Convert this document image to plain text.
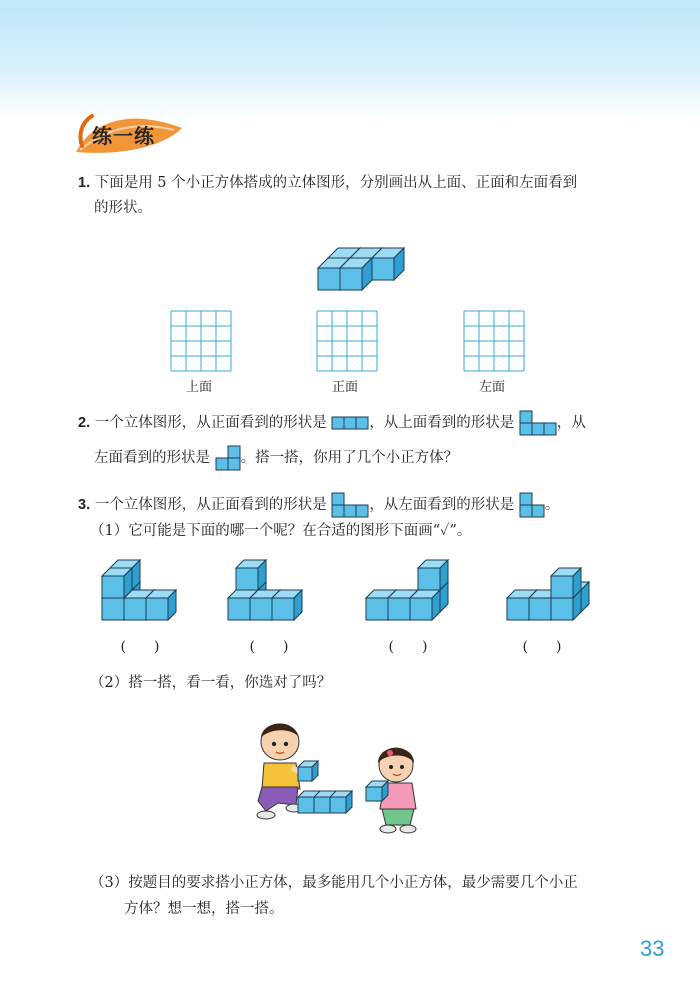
练一练
1. 下面是用 5 个小正方体搭成的立体图形，分别画出从上面、正面和左面看到
的形状。
上面	正面	左面
2. 一个立体图形，从正面看到的形状是	，从上面看到的形状是	，从
左面看到的形状是 。搭一搭，你用了几个小正方体？
3. 一个立体图形，从正面看到的形状是	，从左面看到的形状是 。
（1）它可能是下面的哪一个呢？在合适的图形下面画“✓”。
(　　)	(　　)	(　　)	(　　)
（2）搭一搭，看一看，你选对了吗？
（3）按题目的要求搭小正方体，最多能用几个小正方体，最少需要几个小正
方体？想一想，搭一搭。
33
